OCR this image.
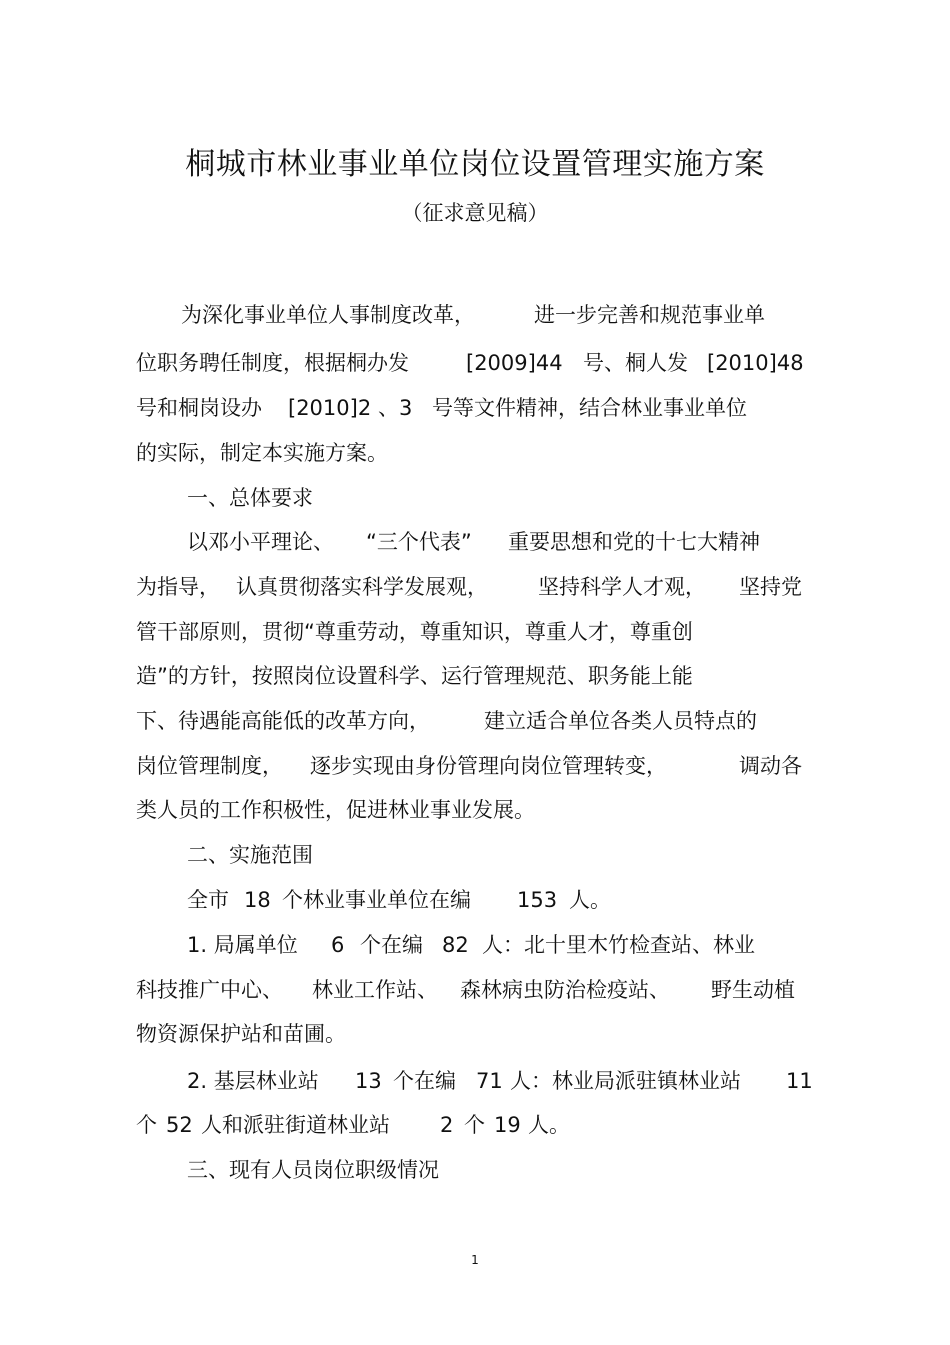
桐城市林业事业单位岗位设置管理实施方案
（征求意见稿）
为深化事业单位人事制度改革，	进一步完善和规范事业单
位职务聘任制度，根据桐办发	[2009]44 号、桐人发 [2010]48
号和桐岗设办 [2010]2 、3 号等文件精神，结合林业事业单位
的实际，制定本实施方案。
一、总体要求
以邓小平理论、 “三个代表” 重要思想和党的十七大精神
为指导， 认真贯彻落实科学发展观， 坚持科学人才观， 坚持党
管干部原则，贯彻“尊重劳动，尊重知识，尊重人才，尊重创
造”的方针，按照岗位设置科学、运行管理规范、职务能上能
下、待遇能高能低的改革方向，	建立适合单位各类人员特点的
岗位管理制度， 逐步实现由身份管理向岗位管理转变，	调动各
类人员的工作积极性，促进林业事业发展。
二、实施范围
全市 18 个林业事业单位在编 153 人。
1. 局属单位 6 个在编 82 人：北十里木竹检查站、林业
科技推广中心、 林业工作站、 森林病虫防治检疫站、 野生动植
物资源保护站和苗圃。
2. 基层林业站 13 个在编 71 人：林业局派驻镇林业站 11
个 52 人和派驻街道林业站 2 个 19 人。
三、现有人员岗位职级情况
1
